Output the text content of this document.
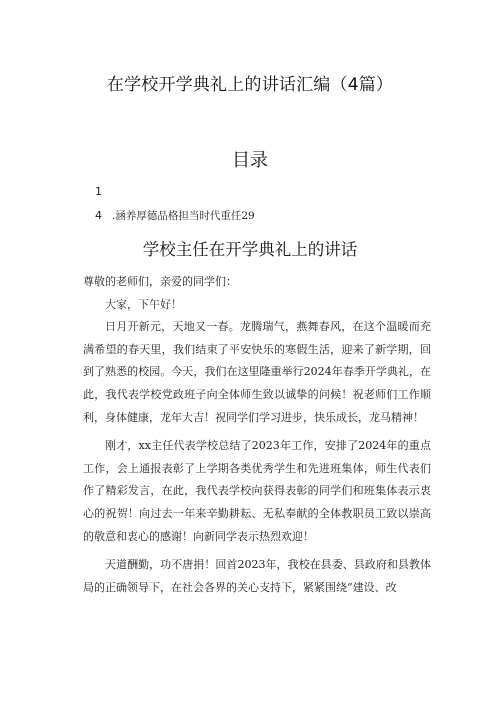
在学校开学典礼上的讲话汇编（4篇）
目录
1
4 .涵养厚德品格担当时代重任29
学校主任在开学典礼上的讲话

尊敬的老师们，亲爱的同学们：

大家，下午好！

日月开新元，天地又一春。龙腾瑞气，燕舞春风，在这个温暖而充满希望的春天里，我们结束了平安快乐的寒假生活，迎来了新学期，回到了熟悉的校园。今天，我们在这里隆重举行2024年春季开学典礼，在此，我代表学校党政班子向全体师生致以诚挚的问候！祝老师们工作顺利，身体健康，龙年大吉！祝同学们学习进步，快乐成长，龙马精神！

刚才，xx主任代表学校总结了2023年工作，安排了2024年的重点工作，会上通报表彰了上学期各类优秀学生和先进班集体，师生代表们作了精彩发言，在此，我代表学校向获得表彰的同学们和班集体表示衷心的祝贺！向过去一年来辛勤耕耘、无私奉献的全体教职员工致以崇高的敬意和衷心的感谢！向新同学表示热烈欢迎！

天道酬勤，功不唐捐！回首2023年，我校在县委、县政府和县教体局的正确领导下，在社会各界的关心支持下，紧紧围绕“建设、改
